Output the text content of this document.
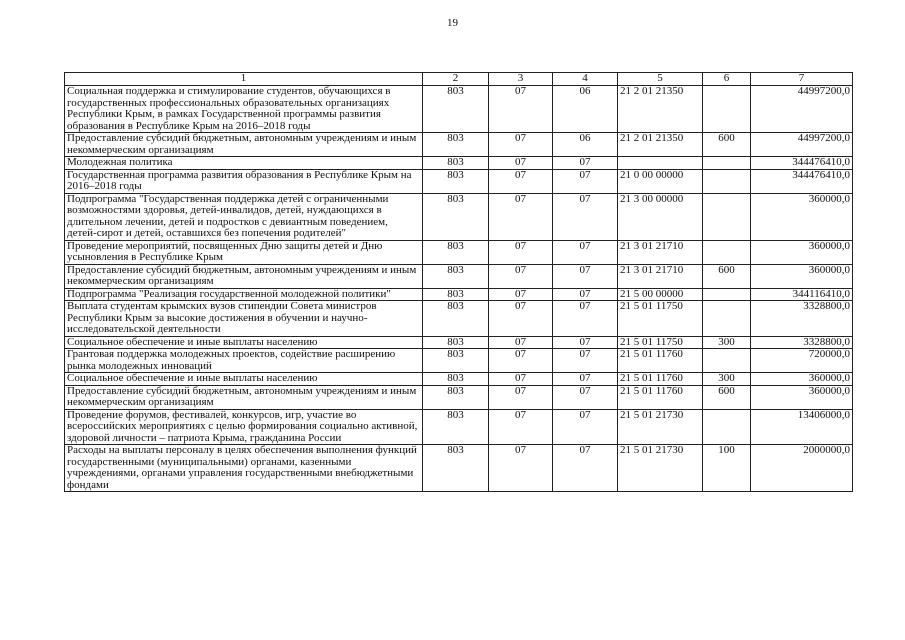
19
1	2	3	4	5	6	7
Социальная поддержка и стимулирование студентов, обучающихся в государственных профессиональных образовательных организациях Республики Крым, в рамках Государственной программы развития образования в Республике Крым на 2016–2018 годы	803	07	06	21 2 01 21350		44997200,0
Предоставление субсидий бюджетным, автономным учреждениям и иным некоммерческим организациям	803	07	06	21 2 01 21350	600	44997200,0
Молодежная политика	803	07	07			344476410,0
Государственная программа развития образования в Республике Крым на 2016–2018 годы	803	07	07	21 0 00 00000		344476410,0
Подпрограмма "Государственная поддержка детей с ограниченными возможностями здоровья, детей-инвалидов, детей, нуждающихся в длительном лечении, детей и подростков с девиантным поведением, детей-сирот и детей, оставшихся без попечения родителей"	803	07	07	21 3 00 00000		360000,0
Проведение мероприятий, посвященных Дню защиты детей и Дню усыновления в Республике Крым	803	07	07	21 3 01 21710		360000,0
Предоставление субсидий бюджетным, автономным учреждениям и иным некоммерческим организациям	803	07	07	21 3 01 21710	600	360000,0
Подпрограмма "Реализация государственной молодежной политики"	803	07	07	21 5 00 00000		344116410,0
Выплата студентам крымских вузов стипендии Совета министров Республики Крым за высокие достижения в обучении и научно-исследовательской деятельности	803	07	07	21 5 01 11750		3328800,0
Социальное обеспечение и иные выплаты населению	803	07	07	21 5 01 11750	300	3328800,0
Грантовая поддержка молодежных проектов, содействие расширению рынка молодежных инноваций	803	07	07	21 5 01 11760		720000,0
Социальное обеспечение и иные выплаты населению	803	07	07	21 5 01 11760	300	360000,0
Предоставление субсидий бюджетным, автономным учреждениям и иным некоммерческим организациям	803	07	07	21 5 01 11760	600	360000,0
Проведение форумов, фестивалей, конкурсов, игр, участие во всероссийских мероприятиях с целью формирования социально активной, здоровой личности – патриота Крыма, гражданина России	803	07	07	21 5 01 21730		13406000,0
Расходы на выплаты персоналу в целях обеспечения выполнения функций государственными (муниципальными) органами, казенными учреждениями, органами управления государственными внебюджетными фондами	803	07	07	21 5 01 21730	100	2000000,0
